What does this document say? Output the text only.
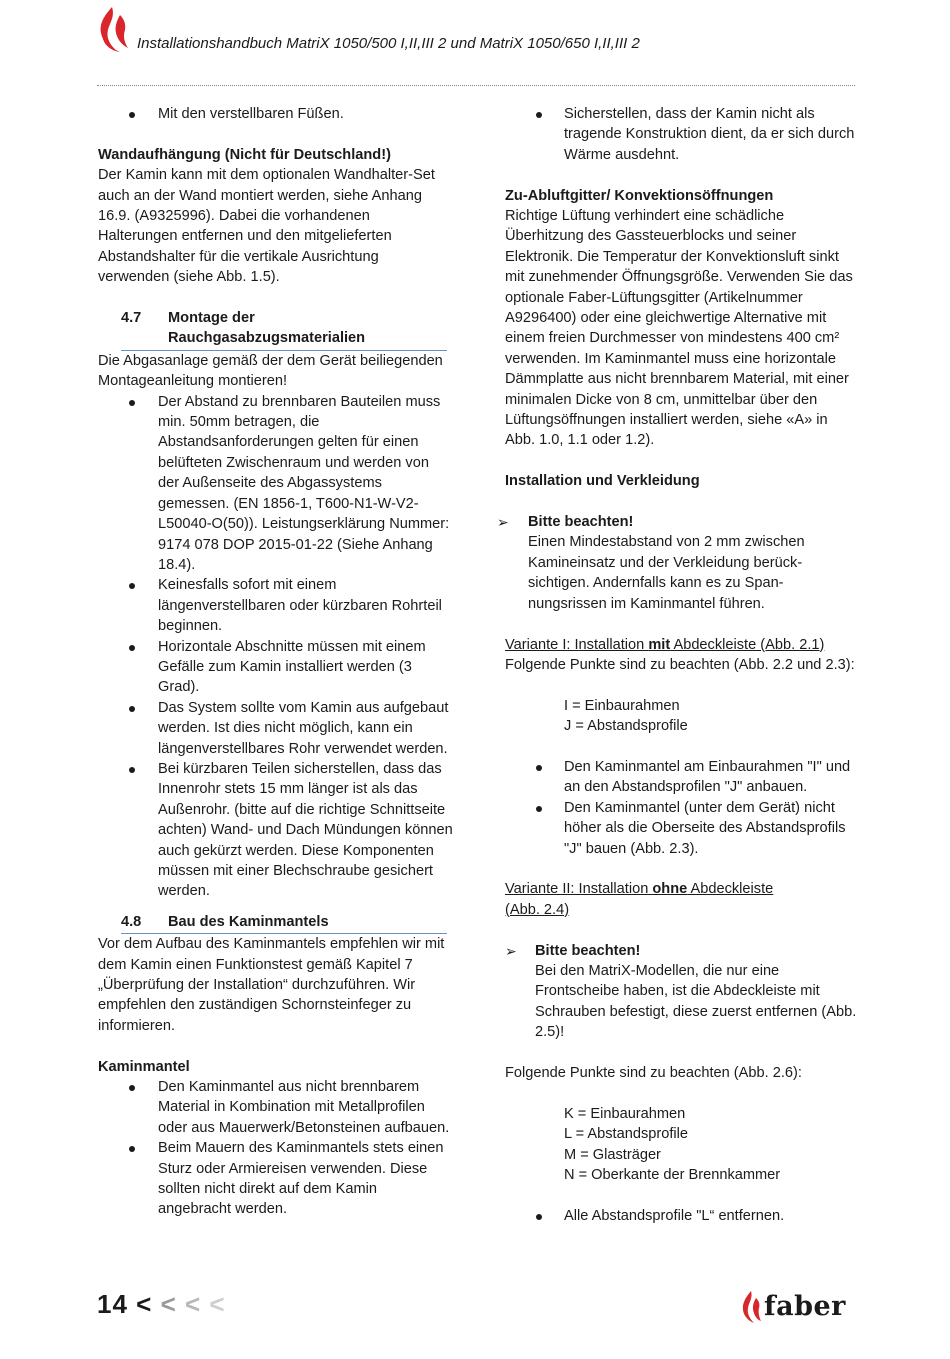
Installationshandbuch MatriX 1050/500 I,II,III 2 und MatriX 1050/650 I,II,III 2
Mit den verstellbaren Füßen.

Wandaufhängung (Nicht für Deutschland!)

Der Kamin kann mit dem optionalen Wandhalter-Set auch an der Wand montiert werden, siehe Anhang 16.9. (A9325996). Dabei die vorhandenen Halterungen entfernen und den mitgelieferten Abstandshalter für die vertikale Ausrichtung verwenden (siehe Abb. 1.5).

4.7 Montage der
Rauchgasabzugsmaterialien

Die Abgasanlage gemäß der dem Gerät beiliegenden Montageanleitung montieren!

Der Abstand zu brennbaren Bauteilen muss min. 50mm betragen, die Abstandsanforderungen gelten für einen belüfteten Zwischenraum und werden von der Außenseite des Abgassystems gemessen. (EN 1856-1, T600-N1-W-V2-L50040-O(50)). Leistungserklärung Nummer: 9174 078 DOP 2015-01-22 (Siehe Anhang 18.4).
Keinesfalls sofort mit einem längenverstellbaren oder kürzbaren Rohrteil beginnen.
Horizontale Abschnitte müssen mit einem Gefälle zum Kamin installiert werden (3 Grad).
Das System sollte vom Kamin aus aufgebaut werden. Ist dies nicht möglich, kann ein längenverstellbares Rohr verwendet werden.
Bei kürzbaren Teilen sicherstellen, dass das Innenrohr stets 15 mm länger ist als das Außenrohr. (bitte auf die richtige Schnittseite achten) Wand- und Dach Mündungen können auch gekürzt werden. Diese Komponenten müssen mit einer Blechschraube gesichert werden.
4.8 Bau des Kaminmantels

Vor dem Aufbau des Kaminmantels empfehlen wir mit dem Kamin einen Funktionstest gemäß Kapitel 7 „Überprüfung der Installation“ durchzuführen. Wir empfehlen den zuständigen Schornsteinfeger zu informieren.

Kaminmantel

Den Kaminmantel aus nicht brennbarem Material in Kombination mit Metallprofilen oder aus Mauerwerk/Betonsteinen aufbauen.
Beim Mauern des Kaminmantels stets einen Sturz oder Armiereisen verwenden. Diese sollten nicht direkt auf dem Kamin angebracht werden.
Sicherstellen, dass der Kamin nicht als tragende Konstruktion dient, da er sich durch Wärme ausdehnt.

Zu-Abluftgitter/ Konvektionsöffnungen

Richtige Lüftung verhindert eine schädliche Überhitzung des Gassteuerblocks und seiner Elektronik. Die Temperatur der Konvektionsluft sinkt mit zunehmender Öffnungsgröße. Verwenden Sie das optionale Faber-Lüftungsgitter (Artikelnummer A9296400) oder eine gleichwertige Alternative mit einem freien Durchmesser von mindestens 400 cm² verwenden. Im Kaminmantel muss eine horizontale Dämmplatte aus nicht brennbarem Material, mit einer minimalen Dicke von 8 cm, unmittelbar über den Lüftungsöffnungen installiert werden, siehe «A» in Abb. 1.0, 1.1 oder 1.2).

Installation und Verkleidung

➢ Bitte beachten!

Einen Mindestabstand von 2 mm zwischen Kamineinsatz und der Verkleidung berück-sichtigen. Andernfalls kann es zu Span-nungsrissen im Kaminmantel führen.

Variante I: Installation mit Abdeckleiste (Abb. 2.1)

Folgende Punkte sind zu beachten (Abb. 2.2 und 2.3):

I = Einbaurahmen

J = Abstandsprofile

Den Kaminmantel am Einbaurahmen "I" und an den Abstandsprofilen "J" anbauen.
Den Kaminmantel (unter dem Gerät) nicht höher als die Oberseite des Abstandsprofils "J" bauen (Abb. 2.3).

Variante II: Installation ohne Abdeckleiste
(Abb. 2.4)

➢ Bitte beachten!

Bei den MatriX-Modellen, die nur eine Frontscheibe haben, ist die Abdeckleiste mit Schrauben befestigt, diese zuerst entfernen (Abb. 2.5)!

Folgende Punkte sind zu beachten (Abb. 2.6):

K = Einbaurahmen

L = Abstandsprofile

M = Glasträger

N = Oberkante der Brennkammer

Alle Abstandsprofile "L“ entfernen.
14 < < < <	faber
